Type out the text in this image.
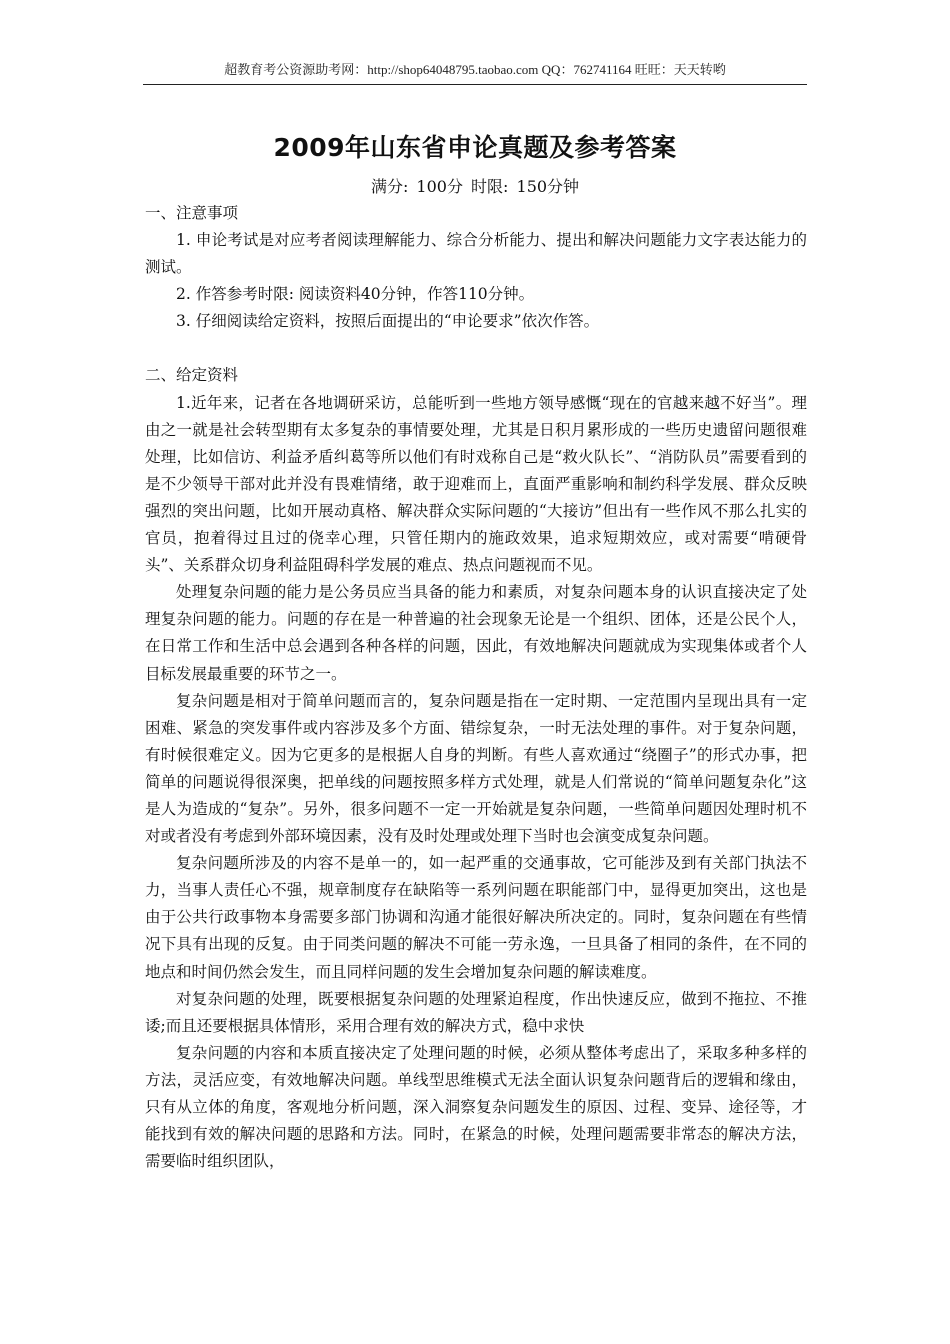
超教育考公资源助考网：http://shop64048795.taobao.com QQ：762741164 旺旺：天天转哟
2009年山东省申论真题及参考答案
满分: 100分 时限: 150分钟

一、注意事项

1. 申论考试是对应考者阅读理解能力、综合分析能力、提出和解决问题能力文字表达能力的测试。

2. 作答参考时限: 阅读资料40分钟，作答110分钟。

3. 仔细阅读给定资料，按照后面提出的“申论要求”依次作答。

二、给定资料

1.近年来，记者在各地调研采访，总能听到一些地方领导感慨“现在的官越来越不好当”。理由之一就是社会转型期有太多复杂的事情要处理，尤其是日积月累形成的一些历史遗留问题很难处理，比如信访、利益矛盾纠葛等所以他们有时戏称自己是“救火队长”、“消防队员”需要看到的是不少领导干部对此并没有畏难情绪，敢于迎难而上，直面严重影响和制约科学发展、群众反映强烈的突出问题，比如开展动真格、解决群众实际问题的“大接访”但出有一些作风不那么扎实的官员，抱着得过且过的侥幸心理，只管任期内的施政效果，追求短期效应，或对需要“啃硬骨头”、关系群众切身利益阻碍科学发展的难点、热点问题视而不见。

处理复杂问题的能力是公务员应当具备的能力和素质，对复杂问题本身的认识直接决定了处理复杂问题的能力。问题的存在是一种普遍的社会现象无论是一个组织、团体，还是公民个人，在日常工作和生活中总会遇到各种各样的问题，因此，有效地解决问题就成为实现集体或者个人目标发展最重要的环节之一。

复杂问题是相对于简单问题而言的，复杂问题是指在一定时期、一定范围内呈现出具有一定困难、紧急的突发事件或内容涉及多个方面、错综复杂，一时无法处理的事件。对于复杂问题，有时候很难定义。因为它更多的是根据人自身的判断。有些人喜欢通过“绕圈子”的形式办事，把简单的问题说得很深奥，把单线的问题按照多样方式处理，就是人们常说的“简单问题复杂化”这是人为造成的“复杂”。另外，很多问题不一定一开始就是复杂问题，一些简单问题因处理时机不对或者没有考虑到外部环境因素，没有及时处理或处理下当时也会演变成复杂问题。

复杂问题所涉及的内容不是单一的，如一起严重的交通事故，它可能涉及到有关部门执法不力，当事人责任心不强，规章制度存在缺陷等一系列问题在职能部门中，显得更加突出，这也是由于公共行政事物本身需要多部门协调和沟通才能很好解决所决定的。同时，复杂问题在有些情况下具有出现的反复。由于同类问题的解决不可能一劳永逸，一旦具备了相同的条件，在不同的地点和时间仍然会发生，而且同样问题的发生会增加复杂问题的解读难度。

对复杂问题的处理，既要根据复杂问题的处理紧迫程度，作出快速反应，做到不拖拉、不推诿;而且还要根据具体情形，采用合理有效的解决方式，稳中求快

复杂问题的内容和本质直接决定了处理问题的时候，必须从整体考虑出了，采取多种多样的方法，灵活应变，有效地解决问题。单线型思维模式无法全面认识复杂问题背后的逻辑和缘由，只有从立体的角度，客观地分析问题，深入洞察复杂问题发生的原因、过程、变异、途径等，才能找到有效的解决问题的思路和方法。同时，在紧急的时候，处理问题需要非常态的解决方法，需要临时组织团队，
